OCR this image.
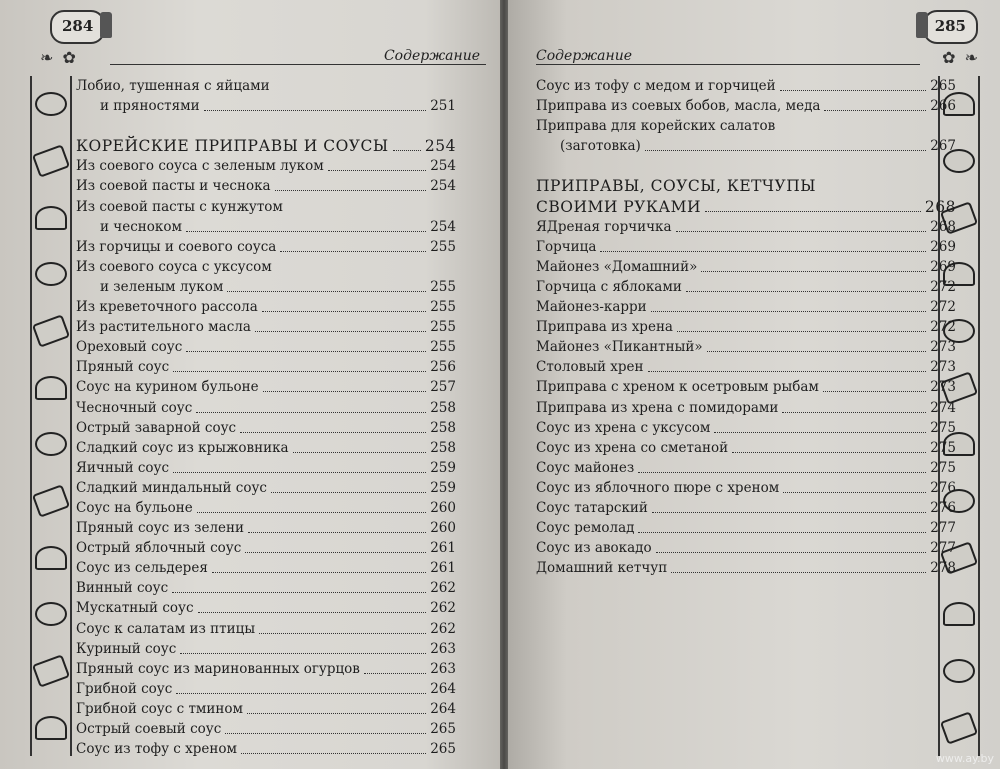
284
❧ ✿	Содержание
Лобио, тушенная с яйцами
и пряностями	251
КОРЕЙСКИЕ ПРИПРАВЫ И СОУСЫ 254
Из соевого соуса с зеленым луком	254
Из соевой пасты и чеснока	254
Из соевой пасты с кунжутом
и чесноком	254
Из горчицы и соевого соуса	255
Из соевого соуса с уксусом
и зеленым луком	255
Из креветочного рассола	255
Из растительного масла	255
Ореховый соус	255
Пряный соус	256
Соус на курином бульоне	257
Чесночный соус	258
Острый заварной соус	258
Сладкий соус из крыжовника	258
Яичный соус	259
Сладкий миндальный соус	259
Соус на бульоне	260
Пряный соус из зелени	260
Острый яблочный соус	261
Соус из сельдерея	261
Винный соус	262
Мускатный соус	262
Соус к салатам из птицы	262
Куриный соус	263
Пряный соус из маринованных огурцов	263
Грибной соус	264
Грибной соус с тмином	264
Острый соевый соус	265
Соус из тофу с хреном	265
285
✿ ❧
Содержание
Соус из тофу с медом и горчицей	265
Приправа из соевых бобов, масла, меда	266
Приправа для корейских салатов
(заготовка)	267
ПРИПРАВЫ, СОУСЫ, КЕТЧУПЫ
СВОИМИ РУКАМИ	268
ЯДреная горчичка	268
Горчица	269
Майонез «Домашний»	269
Горчица с яблоками	272
Майонез-карри	272
Приправа из хрена	272
Майонез «Пикантный»	273
Столовый хрен	273
Приправа с хреном к осетровым рыбам	273
Приправа из хрена с помидорами	274
Соус из хрена с уксусом	275
Соус из хрена со сметаной	275
Соус майонез	275
Соус из яблочного пюре с хреном	276
Соус татарский	276
Соус ремолад	277
Соус из авокадо	277
Домашний кетчуп	278
www.ay.by
